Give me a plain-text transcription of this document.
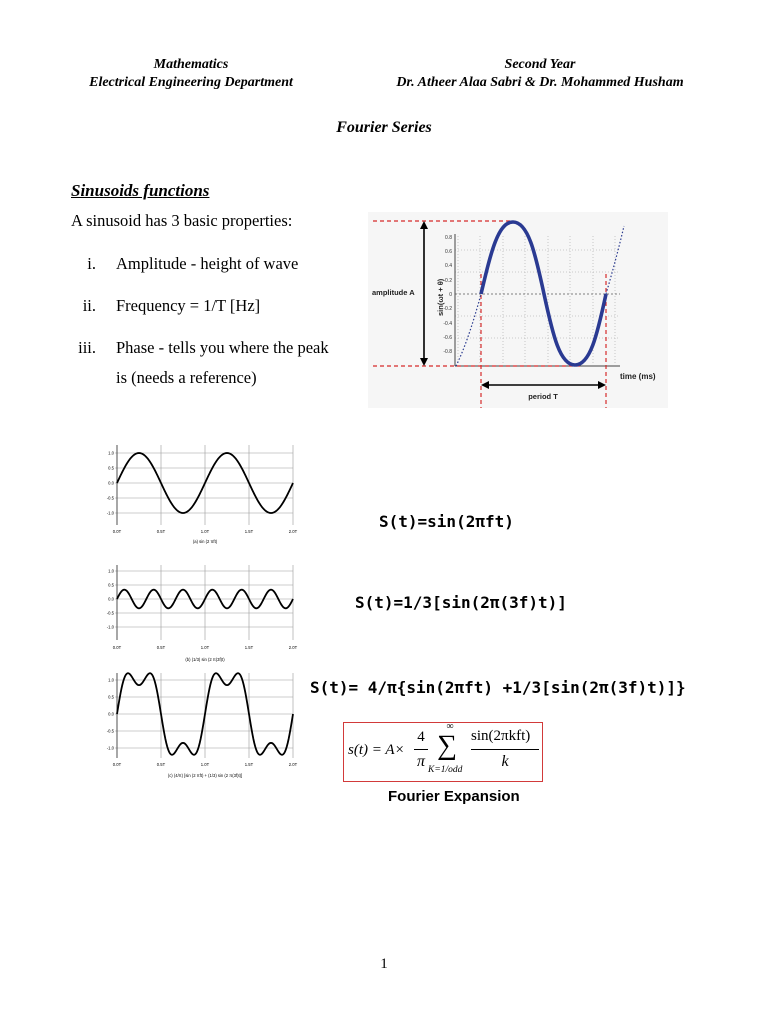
Mathematics
Electrical Engineering Department
Second Year
Dr. Atheer Alaa Sabri & Dr. Mohammed Husham
Fourier Series
Sinusoids functions
A sinusoid has 3 basic properties:
i. Amplitude - height of wave
ii. Frequency = 1/T [Hz]
iii. Phase - tells you where the peak
is (needs a reference)
0.8
0.6
0.4
0.2
0
-0.2
-0.4
-0.6
-0.8
amplitude A	sin(ωt + θ)
time (ms)
period T
1.0
0.5
0.0
-0.5
-1.0
0.0T	0.5T	1.0T	1.5T	2.0T
(a) sin (2 πft)
1.0
0.5
0.0
-0.5
-1.0
0.0T	0.5T	1.0T	1.5T	2.0T
(b) (1/3) sin (2 π(3f)t)
1.0
0.5
0.0
-0.5
-1.0
0.0T	0.5T	1.0T	1.5T	2.0T
(c) (4/π) [sin (2 πft) + (1/3) sin (2 π(3f)t)]
S(t)=sin(2πft)
S(t)=1/3[sin(2π(3f)t)]
S(t)= 4/π{sin(2πft) +1/3[sin(2π(3f)t)]}
s(t) = A×
4
π
∞
∑
K=1/odd
sin(2πkft)
k
Fourier Expansion
1
